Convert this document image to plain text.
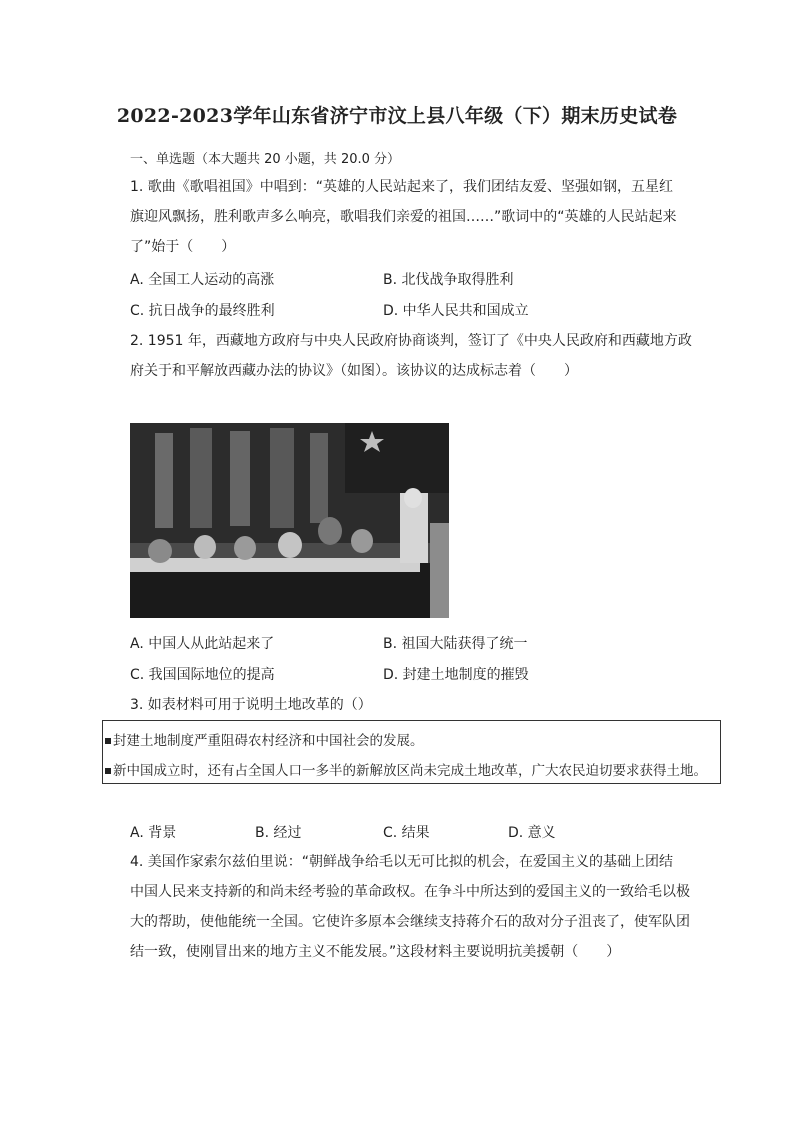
2022-2023学年山东省济宁市汶上县八年级（下）期末历史试卷
一、单选题（本大题共 20 小题，共 20.0 分）
1. 歌曲《歌唱祖国》中唱到：“英雄的人民站起来了，我们团结友爱、坚强如钢，五星红
旗迎风飘扬，胜利歌声多么响亮，歌唱我们亲爱的祖国……”歌词中的“英雄的人民站起来
了”始于（　　）
A. 全国工人运动的高涨	B. 北伐战争取得胜利
C. 抗日战争的最终胜利	D. 中华人民共和国成立
2. 1951 年，西藏地方政府与中央人民政府协商谈判，签订了《中央人民政府和西藏地方政
府关于和平解放西藏办法的协议》（如图）。该协议的达成标志着（　　）
A. 中国人从此站起来了	B. 祖国大陆获得了统一
C. 我国国际地位的提高	D. 封建土地制度的摧毁
3. 如表材料可用于说明土地改革的（）
封建土地制度严重阻碍农村经济和中国社会的发展。
新中国成立时，还有占全国人口一多半的新解放区尚未完成土地改革，广大农民迫切要求获得土地。
A. 背景	B. 经过	C. 结果	D. 意义
4. 美国作家索尔兹伯里说：“朝鲜战争给毛以无可比拟的机会，在爱国主义的基础上团结
中国人民来支持新的和尚未经考验的革命政权。在争斗中所达到的爱国主义的一致给毛以极
大的帮助，使他能统一全国。它使许多原本会继续支持蒋介石的敌对分子沮丧了，使军队团
结一致，使刚冒出来的地方主义不能发展。”这段材料主要说明抗美援朝（　　）
